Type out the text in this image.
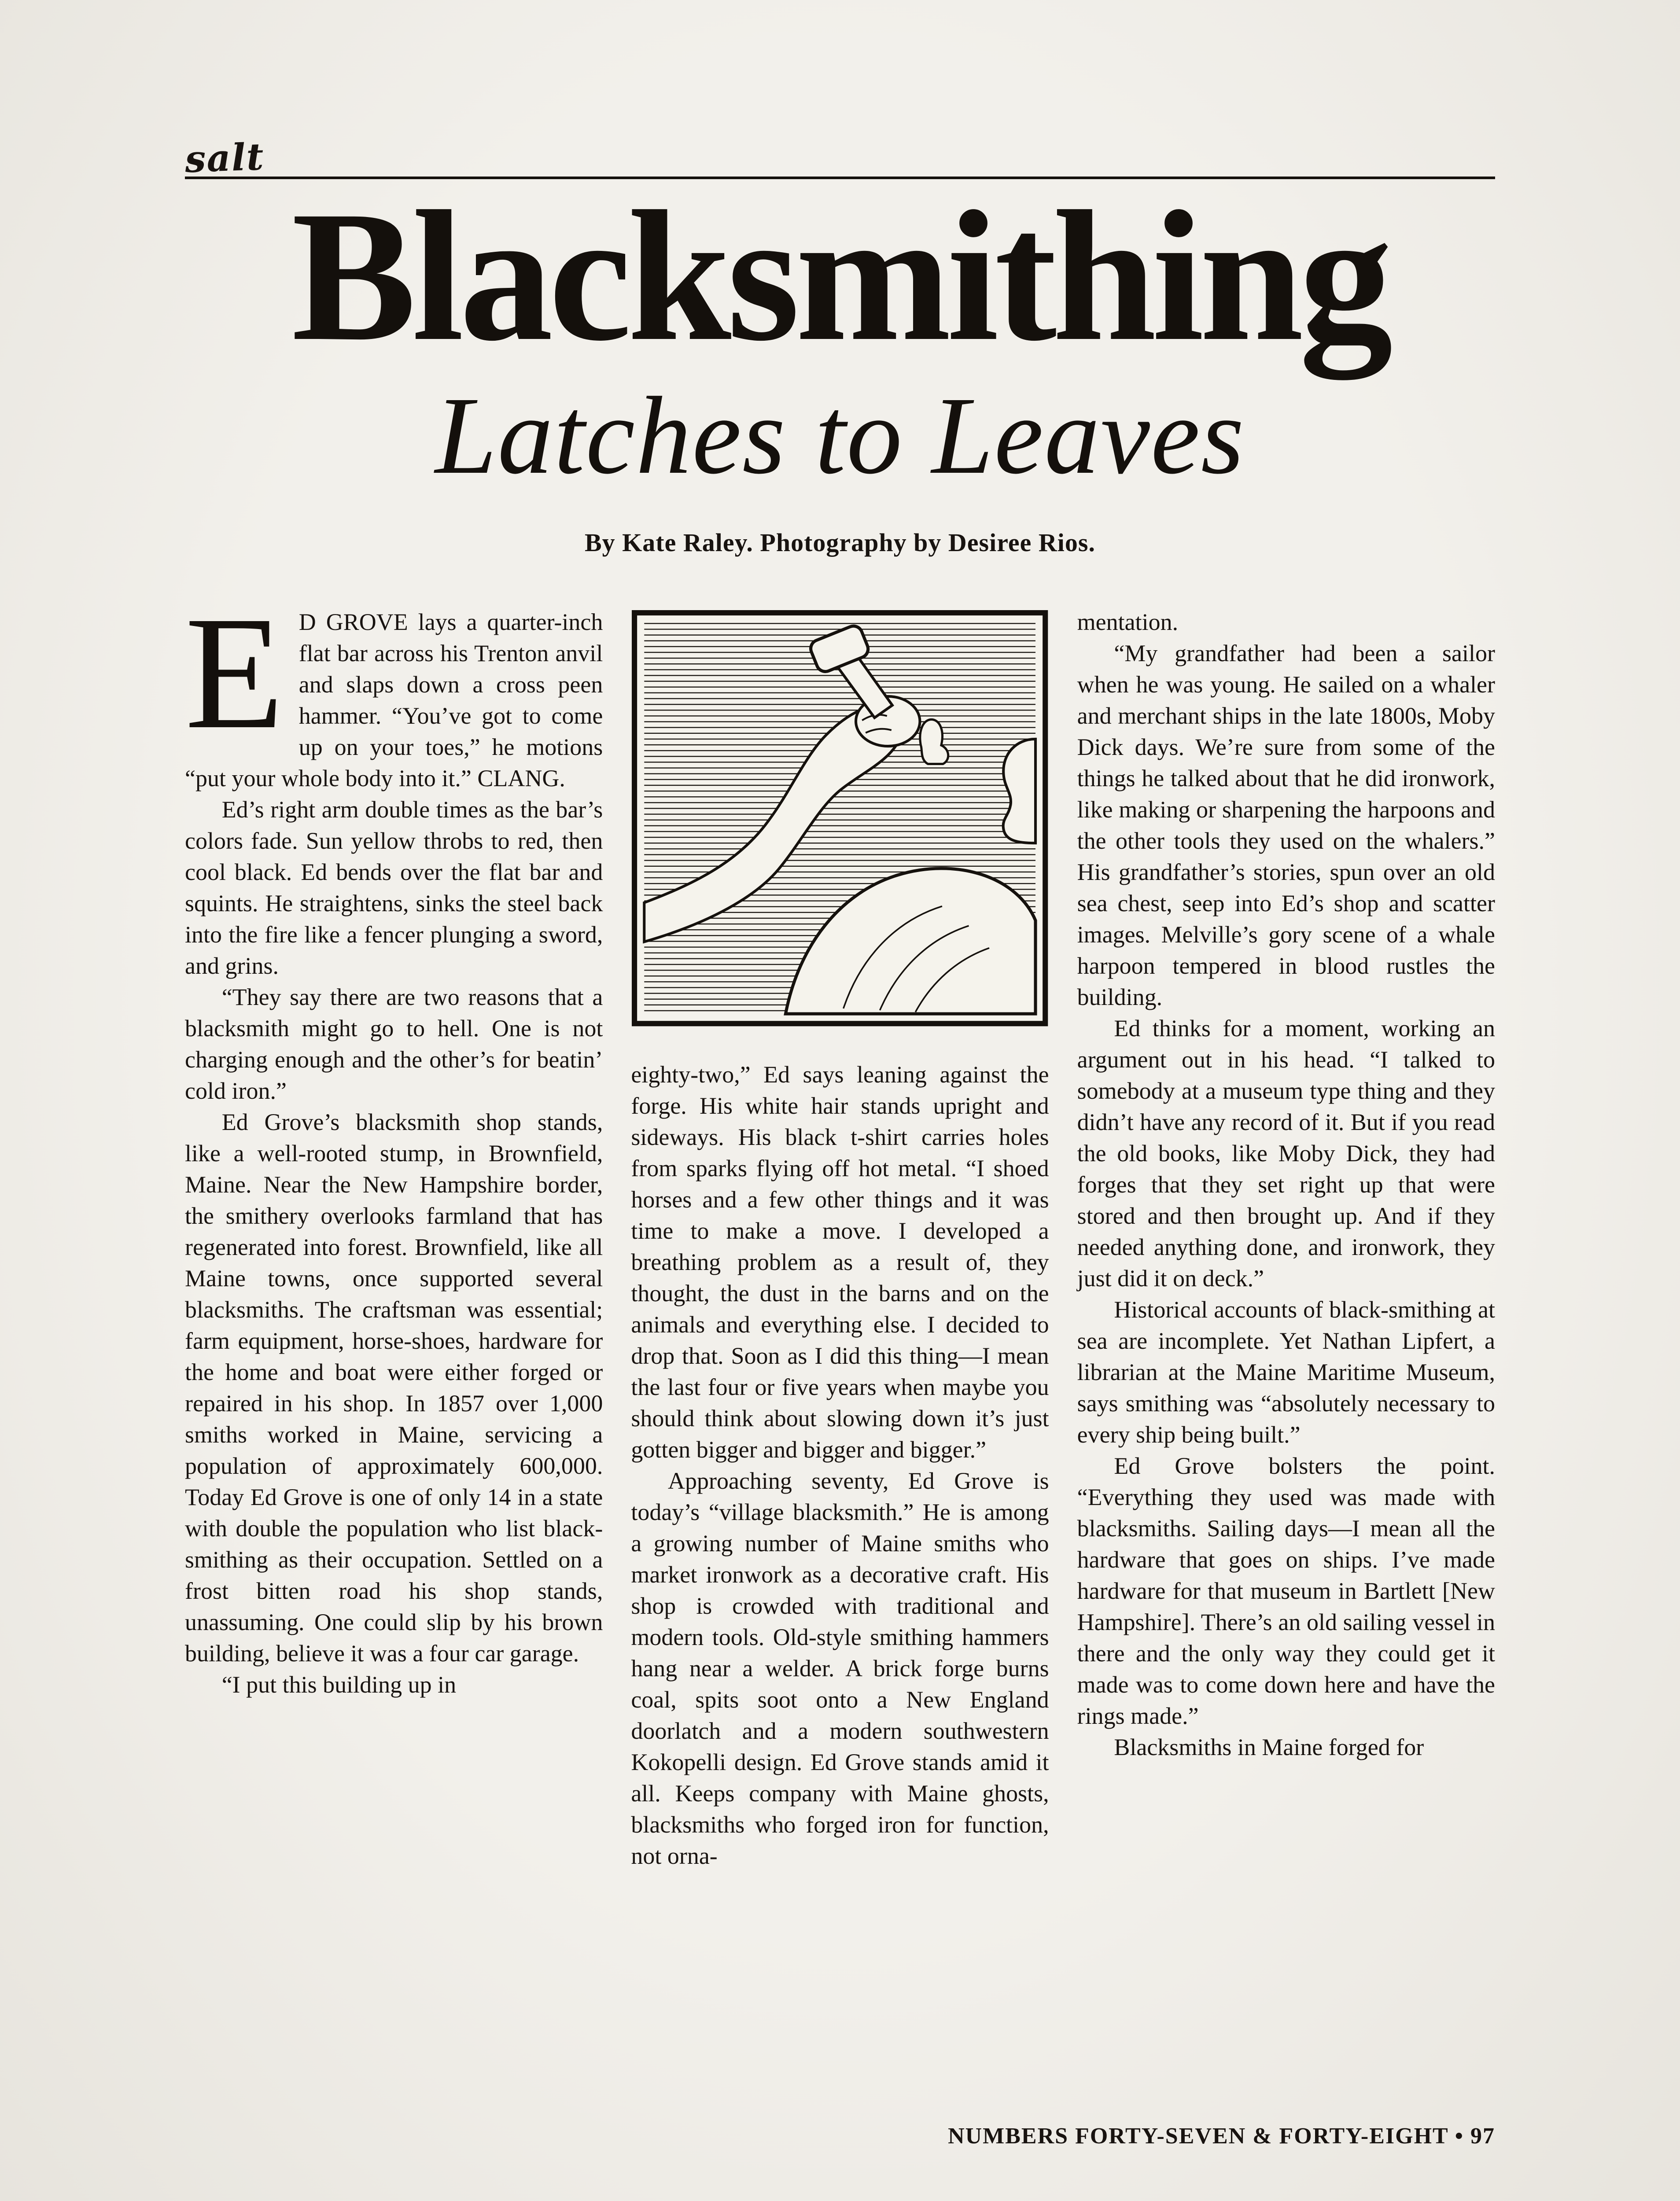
salt
Blacksmithing
Latches to Leaves
By Kate Raley. Photography by Desiree Rios.

E D GROVE lays a quarter-inch flat bar across his Trenton anvil and slaps down a cross peen hammer. “You’ve got to come up on your toes,” he motions “put your whole body into it.” CLANG.

Ed’s right arm double times as the bar’s colors fade. Sun yellow throbs to red, then cool black. Ed bends over the flat bar and squints. He straightens, sinks the steel back into the fire like a fencer plunging a sword, and grins.

“They say there are two reasons that a blacksmith might go to hell. One is not charging enough and the other’s for beatin’ cold iron.”

Ed Grove’s blacksmith shop stands, like a well-rooted stump, in Brownfield, Maine. Near the New Hampshire border, the smithery overlooks farmland that has regenerated into forest. Brownfield, like all Maine towns, once supported several blacksmiths. The craftsman was essential; farm equipment, horse-shoes, hardware for the home and boat were either forged or repaired in his shop. In 1857 over 1,000 smiths worked in Maine, servicing a population of approximately 600,000. Today Ed Grove is one of only 14 in a state with double the population who list black-smithing as their occupation. Settled on a frost bitten road his shop stands, unassuming. One could slip by his brown building, believe it was a four car garage.

“I put this building up in

eighty-two,” Ed says leaning against the forge. His white hair stands upright and sideways. His black t-shirt carries holes from sparks flying off hot metal. “I shoed horses and a few other things and it was time to make a move. I developed a breathing problem as a result of, they thought, the dust in the barns and on the animals and everything else. I decided to drop that. Soon as I did this thing—I mean the last four or five years when maybe you should think about slowing down it’s just gotten bigger and bigger and bigger.”

Approaching seventy, Ed Grove is today’s “village blacksmith.” He is among a growing number of Maine smiths who market ironwork as a decorative craft. His shop is crowded with traditional and modern tools. Old-style smithing hammers hang near a welder. A brick forge burns coal, spits soot onto a New England doorlatch and a modern southwestern Kokopelli design. Ed Grove stands amid it all. Keeps company with Maine ghosts, blacksmiths who forged iron for function, not orna-

mentation.

“My grandfather had been a sailor when he was young. He sailed on a whaler and merchant ships in the late 1800s, Moby Dick days. We’re sure from some of the things he talked about that he did ironwork, like making or sharpening the harpoons and the other tools they used on the whalers.” His grandfather’s stories, spun over an old sea chest, seep into Ed’s shop and scatter images. Melville’s gory scene of a whale harpoon tempered in blood rustles the building.

Ed thinks for a moment, working an argument out in his head. “I talked to somebody at a museum type thing and they didn’t have any record of it. But if you read the old books, like Moby Dick, they had forges that they set right up that were stored and then brought up. And if they needed anything done, and ironwork, they just did it on deck.”

Historical accounts of black-smithing at sea are incomplete. Yet Nathan Lipfert, a librarian at the Maine Maritime Museum, says smithing was “absolutely necessary to every ship being built.”

Ed Grove bolsters the point. “Everything they used was made with blacksmiths. Sailing days—I mean all the hardware that goes on ships. I’ve made hardware for that museum in Bartlett [New Hampshire]. There’s an old sailing vessel in there and the only way they could get it made was to come down here and have the rings made.”

Blacksmiths in Maine forged for

NUMBERS FORTY-SEVEN & FORTY-EIGHT • 97
